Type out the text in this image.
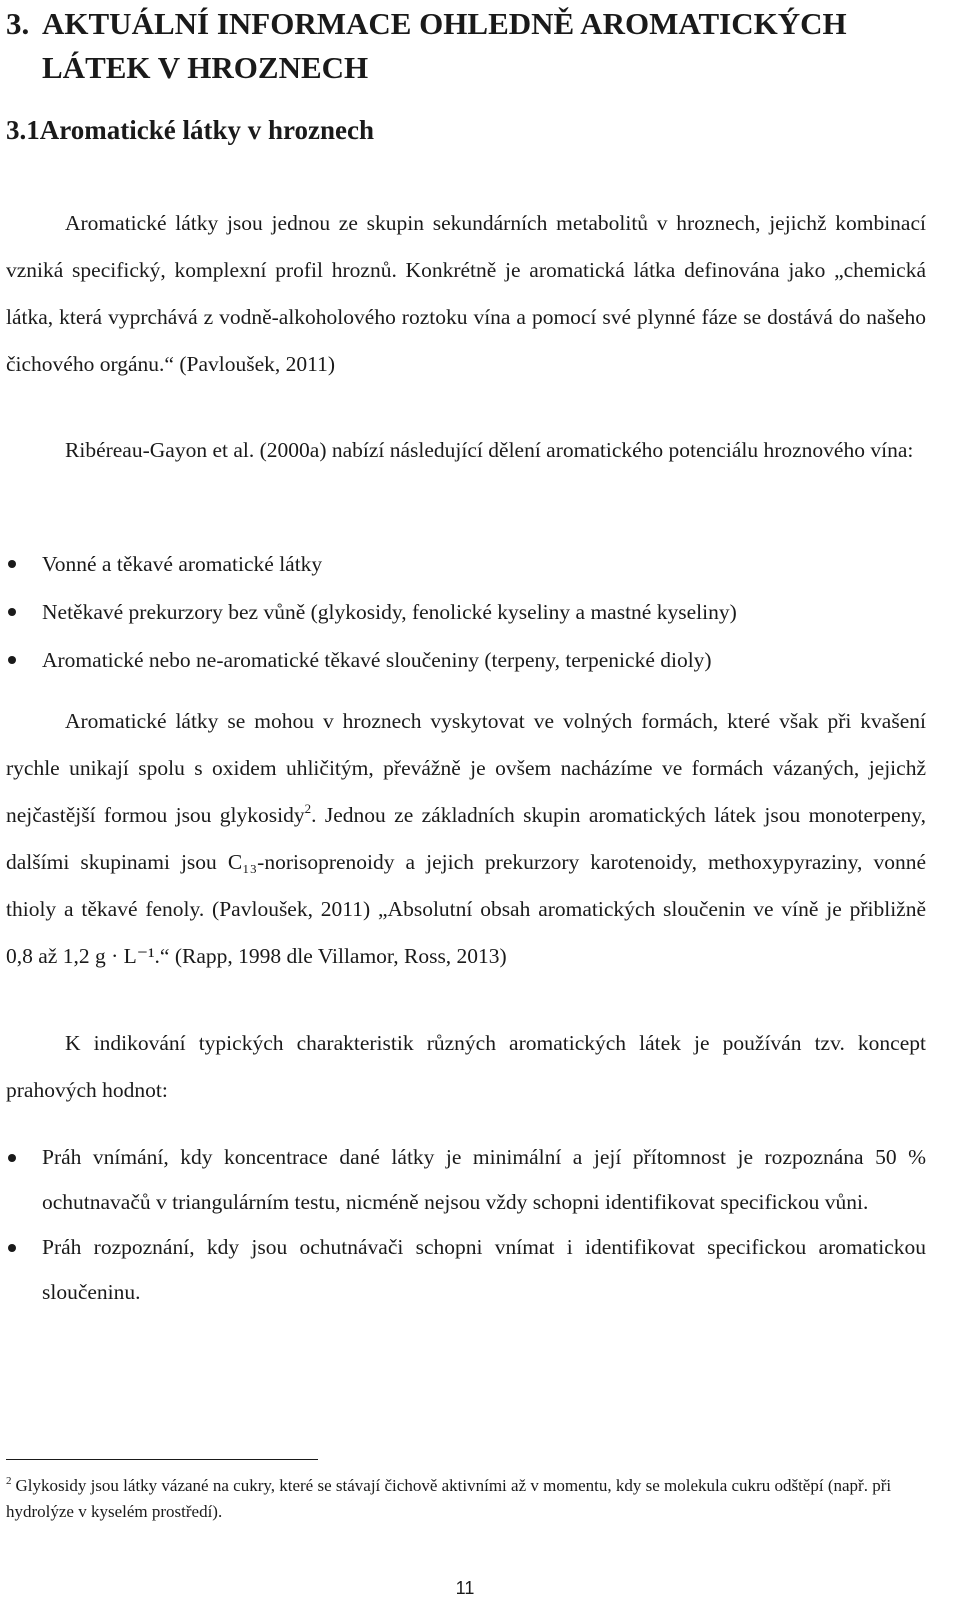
3. AKTUÁLNÍ INFORMACE OHLEDNĚ AROMATICKÝCH
LÁTEK V HROZNECH
3.1Aromatické látky v hroznech

Aromatické látky jsou jednou ze skupin sekundárních metabolitů v hroznech, jejichž kombinací vzniká specifický, komplexní profil hroznů. Konkrétně je aromatická látka definována jako „chemická látka, která vyprchává z vodně-alkoholového roztoku vína a pomocí své plynné fáze se dostává do našeho čichového orgánu.“ (Pavloušek, 2011)

Ribéreau-Gayon et al. (2000a) nabízí následující dělení aromatického potenciálu hroznového vína:

Vonné a těkavé aromatické látky
Netěkavé prekurzory bez vůně (glykosidy, fenolické kyseliny a mastné kyseliny)
Aromatické nebo ne-aromatické těkavé sloučeniny (terpeny, terpenické dioly)

Aromatické látky se mohou v hroznech vyskytovat ve volných formách, které však při kvašení rychle unikají spolu s oxidem uhličitým, převážně je ovšem nacházíme ve formách vázaných, jejichž nejčastější formou jsou glykosidy$^2$. Jednou ze základních skupin aromatických látek jsou monoterpeny, dalšími skupinami jsou C₁₃-norisoprenoidy a jejich prekurzory karotenoidy, methoxypyraziny, vonné thioly a těkavé fenoly. (Pavloušek, 2011) „Absolutní obsah aromatických sloučenin ve víně je přibližně 0,8 až 1,2 g · L⁻¹.“ (Rapp, 1998 dle Villamor, Ross, 2013)

K indikování typických charakteristik různých aromatických látek je používán tzv. koncept prahových hodnot:

Práh vnímání, kdy koncentrace dané látky je minimální a její přítomnost je rozpoznána 50 % ochutnavačů v triangulárním testu, nicméně nejsou vždy schopni identifikovat specifickou vůni.
Práh rozpoznání, kdy jsou ochutnávači schopni vnímat i identifikovat specifickou aromatickou sloučeninu.

$^2$ Glykosidy jsou látky vázané na cukry, které se stávají čichově aktivními až v momentu, kdy se molekula cukru odštěpí (např. při hydrolýze v kyselém prostředí).

11
